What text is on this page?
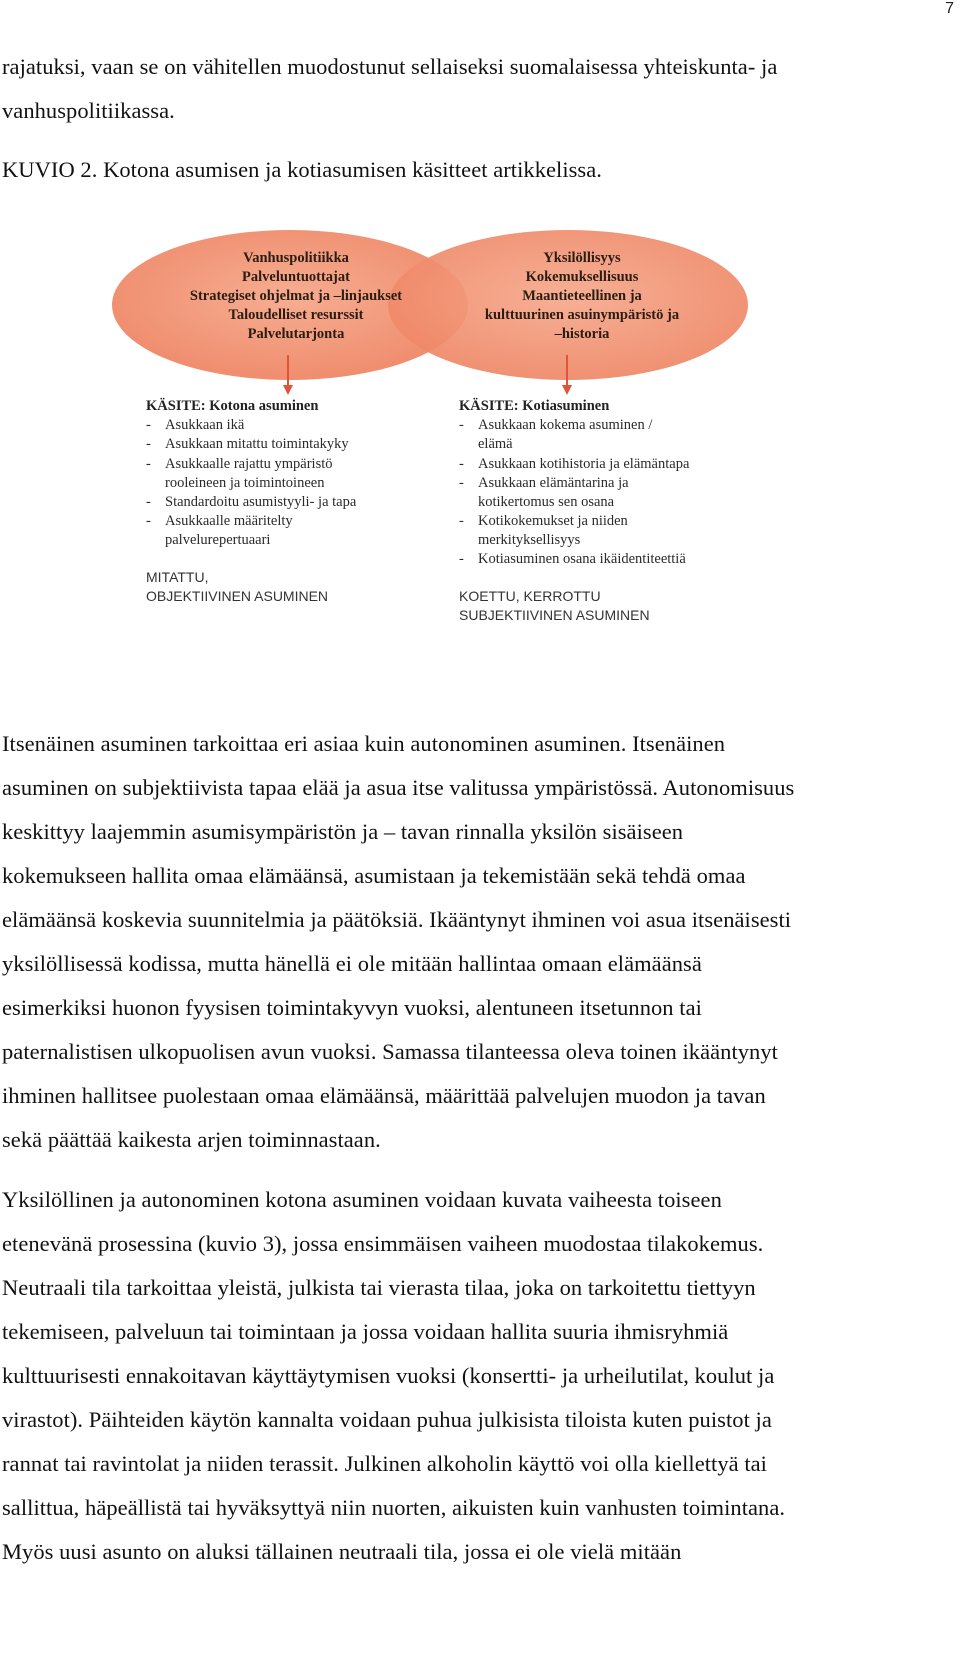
7
rajatuksi, vaan se on vähitellen muodostunut sellaiseksi suomalaisessa yhteiskunta- ja
vanhuspolitiikassa.
KUVIO 2. Kotona asumisen ja kotiasumisen käsitteet artikkelissa.
Vanhuspolitiikka
Palveluntuottajat
Strategiset ohjelmat ja –linjaukset
Taloudelliset resurssit
Palvelutarjonta
Yksilöllisyys
Kokemuksellisuus
Maantieteellinen ja
kulttuurinen asuinympäristö ja
–historia
KÄSITE: Kotona asuminen
- Asukkaan ikä
- Asukkaan mitattu toimintakyky
- Asukkaalle rajattu ympäristö
rooleineen ja toimintoineen
- Standardoitu asumistyyli- ja tapa
- Asukkaalle määritelty
palvelurepertuaari
MITATTU,
OBJEKTIIVINEN ASUMINEN
KÄSITE: Kotiasuminen
- Asukkaan kokema asuminen /
elämä
- Asukkaan kotihistoria ja elämäntapa
- Asukkaan elämäntarina ja
kotikertomus sen osana
- Kotikokemukset ja niiden
merkityksellisyys
- Kotiasuminen osana ikäidentiteettiä
KOETTU, KERROTTU
SUBJEKTIIVINEN ASUMINEN
Itsenäinen asuminen tarkoittaa eri asiaa kuin autonominen asuminen. Itsenäinen
asuminen on subjektiivista tapaa elää ja asua itse valitussa ympäristössä. Autonomisuus
keskittyy laajemmin asumisympäristön ja – tavan rinnalla yksilön sisäiseen
kokemukseen hallita omaa elämäänsä, asumistaan ja tekemistään sekä tehdä omaa
elämäänsä koskevia suunnitelmia ja päätöksiä. Ikääntynyt ihminen voi asua itsenäisesti
yksilöllisessä kodissa, mutta hänellä ei ole mitään hallintaa omaan elämäänsä
esimerkiksi huonon fyysisen toimintakyvyn vuoksi, alentuneen itsetunnon tai
paternalistisen ulkopuolisen avun vuoksi. Samassa tilanteessa oleva toinen ikääntynyt
ihminen hallitsee puolestaan omaa elämäänsä, määrittää palvelujen muodon ja tavan
sekä päättää kaikesta arjen toiminnastaan.
Yksilöllinen ja autonominen kotona asuminen voidaan kuvata vaiheesta toiseen
etenevänä prosessina (kuvio 3), jossa ensimmäisen vaiheen muodostaa tilakokemus.
Neutraali tila tarkoittaa yleistä, julkista tai vierasta tilaa, joka on tarkoitettu tiettyyn
tekemiseen, palveluun tai toimintaan ja jossa voidaan hallita suuria ihmisryhmiä
kulttuurisesti ennakoitavan käyttäytymisen vuoksi (konsertti- ja urheilutilat, koulut ja
virastot). Päihteiden käytön kannalta voidaan puhua julkisista tiloista kuten puistot ja
rannat tai ravintolat ja niiden terassit. Julkinen alkoholin käyttö voi olla kiellettyä tai
sallittua, häpeällistä tai hyväksyttyä niin nuorten, aikuisten kuin vanhusten toimintana.
Myös uusi asunto on aluksi tällainen neutraali tila, jossa ei ole vielä mitään
